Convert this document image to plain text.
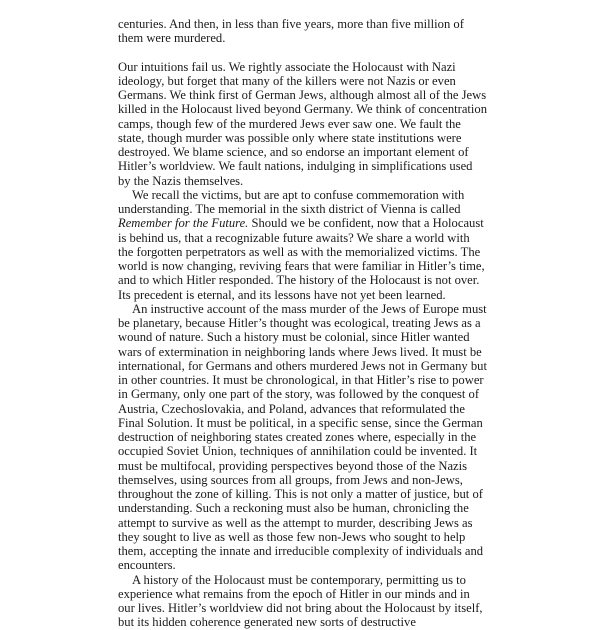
centuries. And then, in less than five years, more than five million of them were murdered.

Our intuitions fail us. We rightly associate the Holocaust with Nazi ideology, but forget that many of the killers were not Nazis or even Germans. We think first of German Jews, although almost all of the Jews killed in the Holocaust lived beyond Germany. We think of concentration camps, though few of the murdered Jews ever saw one. We fault the state, though murder was possible only where state institutions were destroyed. We blame science, and so endorse an important element of Hitler’s worldview. We fault nations, indulging in simplifications used by the Nazis themselves.

We recall the victims, but are apt to confuse commemoration with understanding. The memorial in the sixth district of Vienna is called Remember for the Future. Should we be confident, now that a Holocaust is behind us, that a recognizable future awaits? We share a world with the forgotten perpetrators as well as with the memorialized victims. The world is now changing, reviving fears that were familiar in Hitler’s time, and to which Hitler responded. The history of the Holocaust is not over. Its precedent is eternal, and its lessons have not yet been learned.

An instructive account of the mass murder of the Jews of Europe must be planetary, because Hitler’s thought was ecological, treating Jews as a wound of nature. Such a history must be colonial, since Hitler wanted wars of extermination in neighboring lands where Jews lived. It must be international, for Germans and others murdered Jews not in Germany but in other countries. It must be chronological, in that Hitler’s rise to power in Germany, only one part of the story, was followed by the conquest of Austria, Czechoslovakia, and Poland, advances that reformulated the Final Solution. It must be political, in a specific sense, since the German destruction of neighboring states created zones where, especially in the occupied Soviet Union, techniques of annihilation could be invented. It must be multifocal, providing perspectives beyond those of the Nazis themselves, using sources from all groups, from Jews and non-Jews, throughout the zone of killing. This is not only a matter of justice, but of understanding. Such a reckoning must also be human, chronicling the attempt to survive as well as the attempt to murder, describing Jews as they sought to live as well as those few non-Jews who sought to help them, accepting the innate and irreducible complexity of individuals and encounters.

A history of the Holocaust must be contemporary, permitting us to experience what remains from the epoch of Hitler in our minds and in our lives. Hitler’s worldview did not bring about the Holocaust by itself, but its hidden coherence generated new sorts of destructive
